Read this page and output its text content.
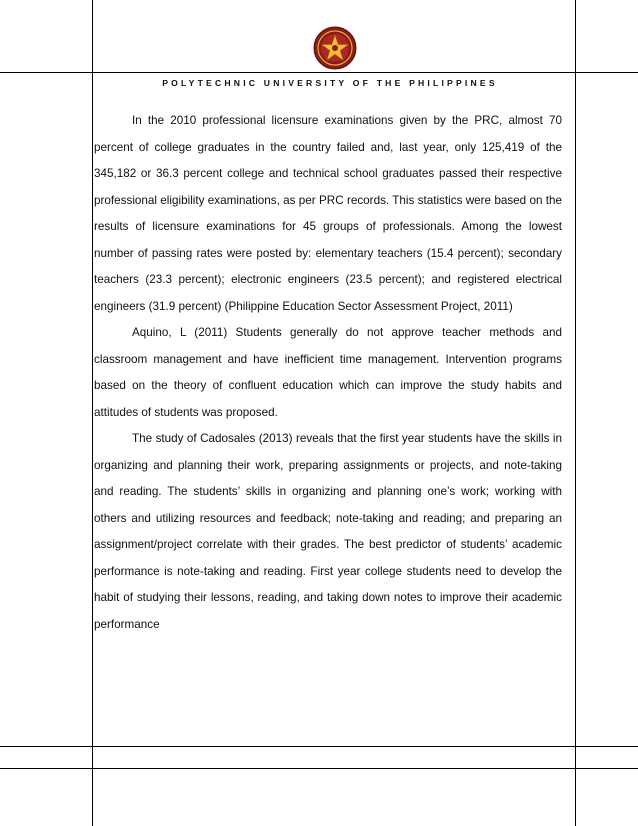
POLYTECHNIC UNIVERSITY OF THE PHILIPPINES

In the 2010 professional licensure examinations given by the PRC, almost 70 percent of college graduates in the country failed and, last year, only 125,419 of the 345,182 or 36.3 percent college and technical school graduates passed their respective professional eligibility examinations, as per PRC records. This statistics were based on the results of licensure examinations for 45 groups of professionals. Among the lowest number of passing rates were posted by: elementary teachers (15.4 percent); secondary teachers (23.3 percent); electronic engineers (23.5 percent); and registered electrical engineers (31.9 percent) (Philippine Education Sector Assessment Project, 2011)

Aquino, L (2011) Students generally do not approve teacher methods and classroom management and have inefficient time management. Intervention programs based on the theory of confluent education which can improve the study habits and attitudes of students was proposed.

The study of Cadosales (2013) reveals that the first year students have the skills in organizing and planning their work, preparing assignments or projects, and note-taking and reading. The students’ skills in organizing and planning one’s work; working with others and utilizing resources and feedback; note-taking and reading; and preparing an assignment/project correlate with their grades. The best predictor of students’ academic performance is note-taking and reading. First year college students need to develop the habit of studying their lessons, reading, and taking down notes to improve their academic performance
